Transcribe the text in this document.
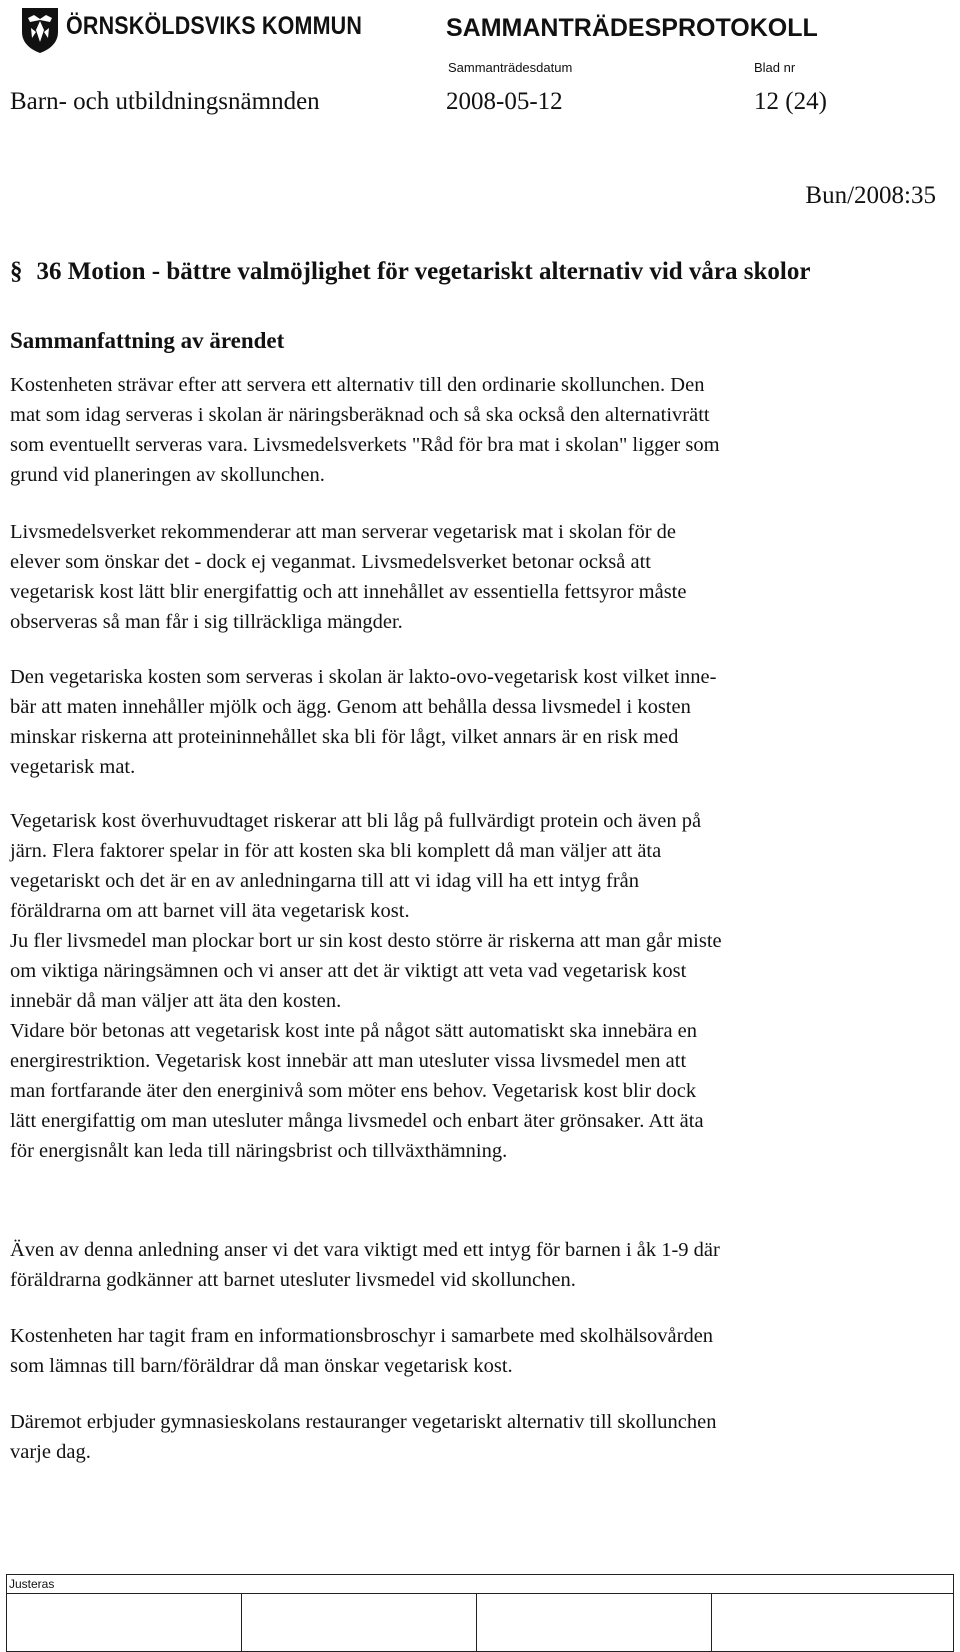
ÖRNSKÖLDSVIKS KOMMUN	SAMMANTRÄDESPROTOKOLL
Sammanträdesdatum	Blad nr
Barn- och utbildningsnämnden	2008-05-12	12 (24)
Bun/2008:35
§ 36 Motion - bättre valmöjlighet för vegetariskt alternativ vid våra skolor
Sammanfattning av ärendet
Kostenheten strävar efter att servera ett alternativ till den ordinarie skollunchen. Den
mat som idag serveras i skolan är näringsberäknad och så ska också den alternativrätt
som eventuellt serveras vara. Livsmedelsverkets "Råd för bra mat i skolan" ligger som
grund vid planeringen av skollunchen.
Livsmedelsverket rekommenderar att man serverar vegetarisk mat i skolan för de
elever som önskar det - dock ej veganmat. Livsmedelsverket betonar också att
vegetarisk kost lätt blir energifattig och att innehållet av essentiella fettsyror måste
observeras så man får i sig tillräckliga mängder.
Den vegetariska kosten som serveras i skolan är lakto-ovo-vegetarisk kost vilket inne-
bär att maten innehåller mjölk och ägg. Genom att behålla dessa livsmedel i kosten
minskar riskerna att proteininnehållet ska bli för lågt, vilket annars är en risk med
vegetarisk mat.
Vegetarisk kost överhuvudtaget riskerar att bli låg på fullvärdigt protein och även på
järn. Flera faktorer spelar in för att kosten ska bli komplett då man väljer att äta
vegetariskt och det är en av anledningarna till att vi idag vill ha ett intyg från
föräldrarna om att barnet vill äta vegetarisk kost.
Ju fler livsmedel man plockar bort ur sin kost desto större är riskerna att man går miste
om viktiga näringsämnen och vi anser att det är viktigt att veta vad vegetarisk kost
innebär då man väljer att äta den kosten.
Vidare bör betonas att vegetarisk kost inte på något sätt automatiskt ska innebära en
energirestriktion. Vegetarisk kost innebär att man utesluter vissa livsmedel men att
man fortfarande äter den energinivå som möter ens behov. Vegetarisk kost blir dock
lätt energifattig om man utesluter många livsmedel och enbart äter grönsaker. Att äta
för energisnålt kan leda till näringsbrist och tillväxthämning.
Även av denna anledning anser vi det vara viktigt med ett intyg för barnen i åk 1-9 där
föräldrarna godkänner att barnet utesluter livsmedel vid skollunchen.
Kostenheten har tagit fram en informationsbroschyr i samarbete med skolhälsovården
som lämnas till barn/föräldrar då man önskar vegetarisk kost.
Däremot erbjuder gymnasieskolans restauranger vegetariskt alternativ till skollunchen
varje dag.
Justeras
